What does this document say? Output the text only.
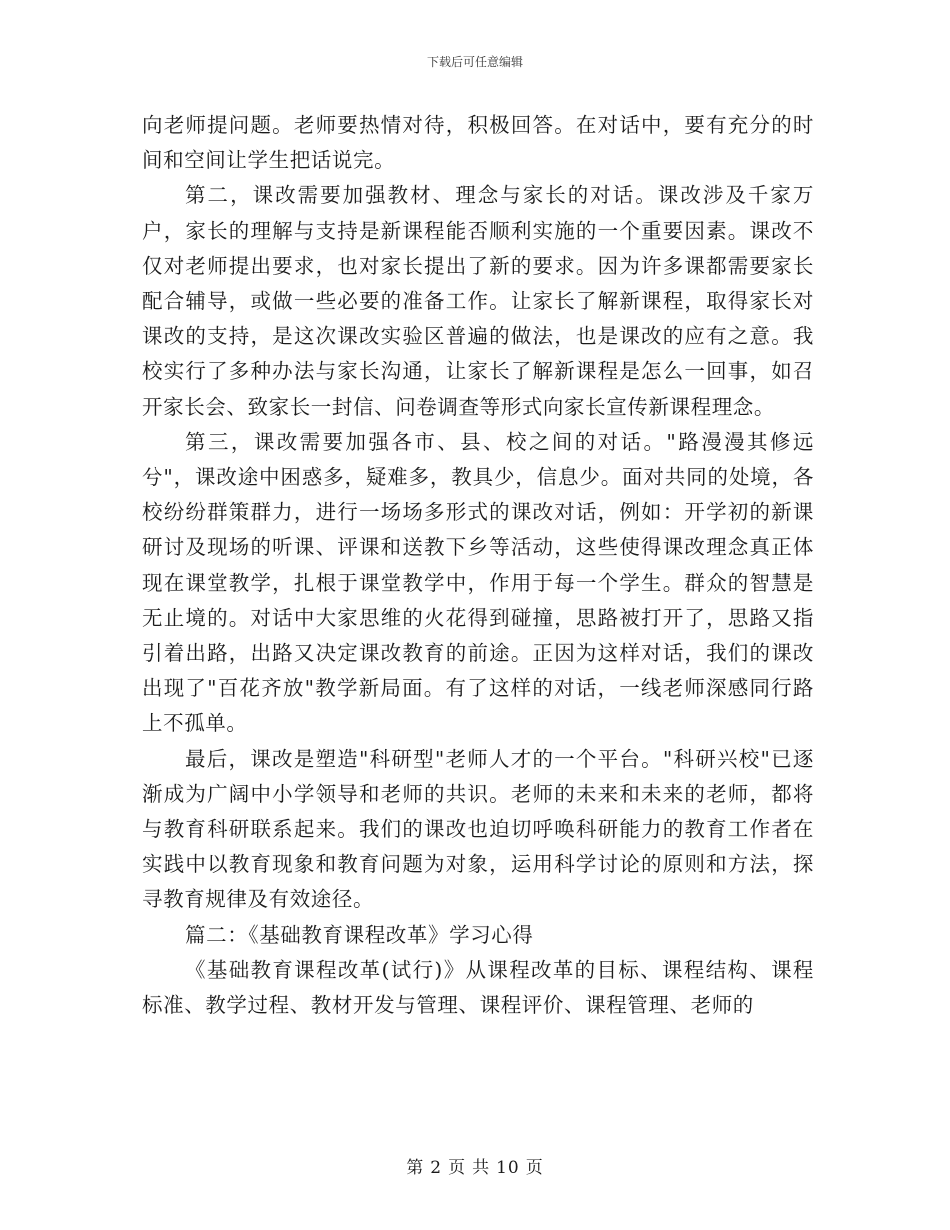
下载后可任意编辑

向老师提问题。老师要热情对待，积极回答。在对话中，要有充分的时间和空间让学生把话说完。

第二，课改需要加强教材、理念与家长的对话。课改涉及千家万户，家长的理解与支持是新课程能否顺利实施的一个重要因素。课改不仅对老师提出要求，也对家长提出了新的要求。因为许多课都需要家长配合辅导，或做一些必要的准备工作。让家长了解新课程，取得家长对课改的支持，是这次课改实验区普遍的做法，也是课改的应有之意。我校实行了多种办法与家长沟通，让家长了解新课程是怎么一回事，如召开家长会、致家长一封信、问卷调查等形式向家长宣传新课程理念。

第三，课改需要加强各市、县、校之间的对话。"路漫漫其修远兮"，课改途中困惑多，疑难多，教具少，信息少。面对共同的处境，各校纷纷群策群力，进行一场场多形式的课改对话，例如：开学初的新课研讨及现场的听课、评课和送教下乡等活动，这些使得课改理念真正体现在课堂教学，扎根于课堂教学中，作用于每一个学生。群众的智慧是无止境的。对话中大家思维的火花得到碰撞，思路被打开了，思路又指引着出路，出路又决定课改教育的前途。正因为这样对话，我们的课改出现了"百花齐放"教学新局面。有了这样的对话，一线老师深感同行路上不孤单。

最后，课改是塑造"科研型"老师人才的一个平台。"科研兴校"已逐渐成为广阔中小学领导和老师的共识。老师的未来和未来的老师，都将与教育科研联系起来。我们的课改也迫切呼唤科研能力的教育工作者在实践中以教育现象和教育问题为对象，运用科学讨论的原则和方法，探寻教育规律及有效途径。

篇二：《基础教育课程改革》学习心得

《基础教育课程改革(试行)》从课程改革的目标、课程结构、课程标准、教学过程、教材开发与管理、课程评价、课程管理、老师的

第 2 页 共 10 页
